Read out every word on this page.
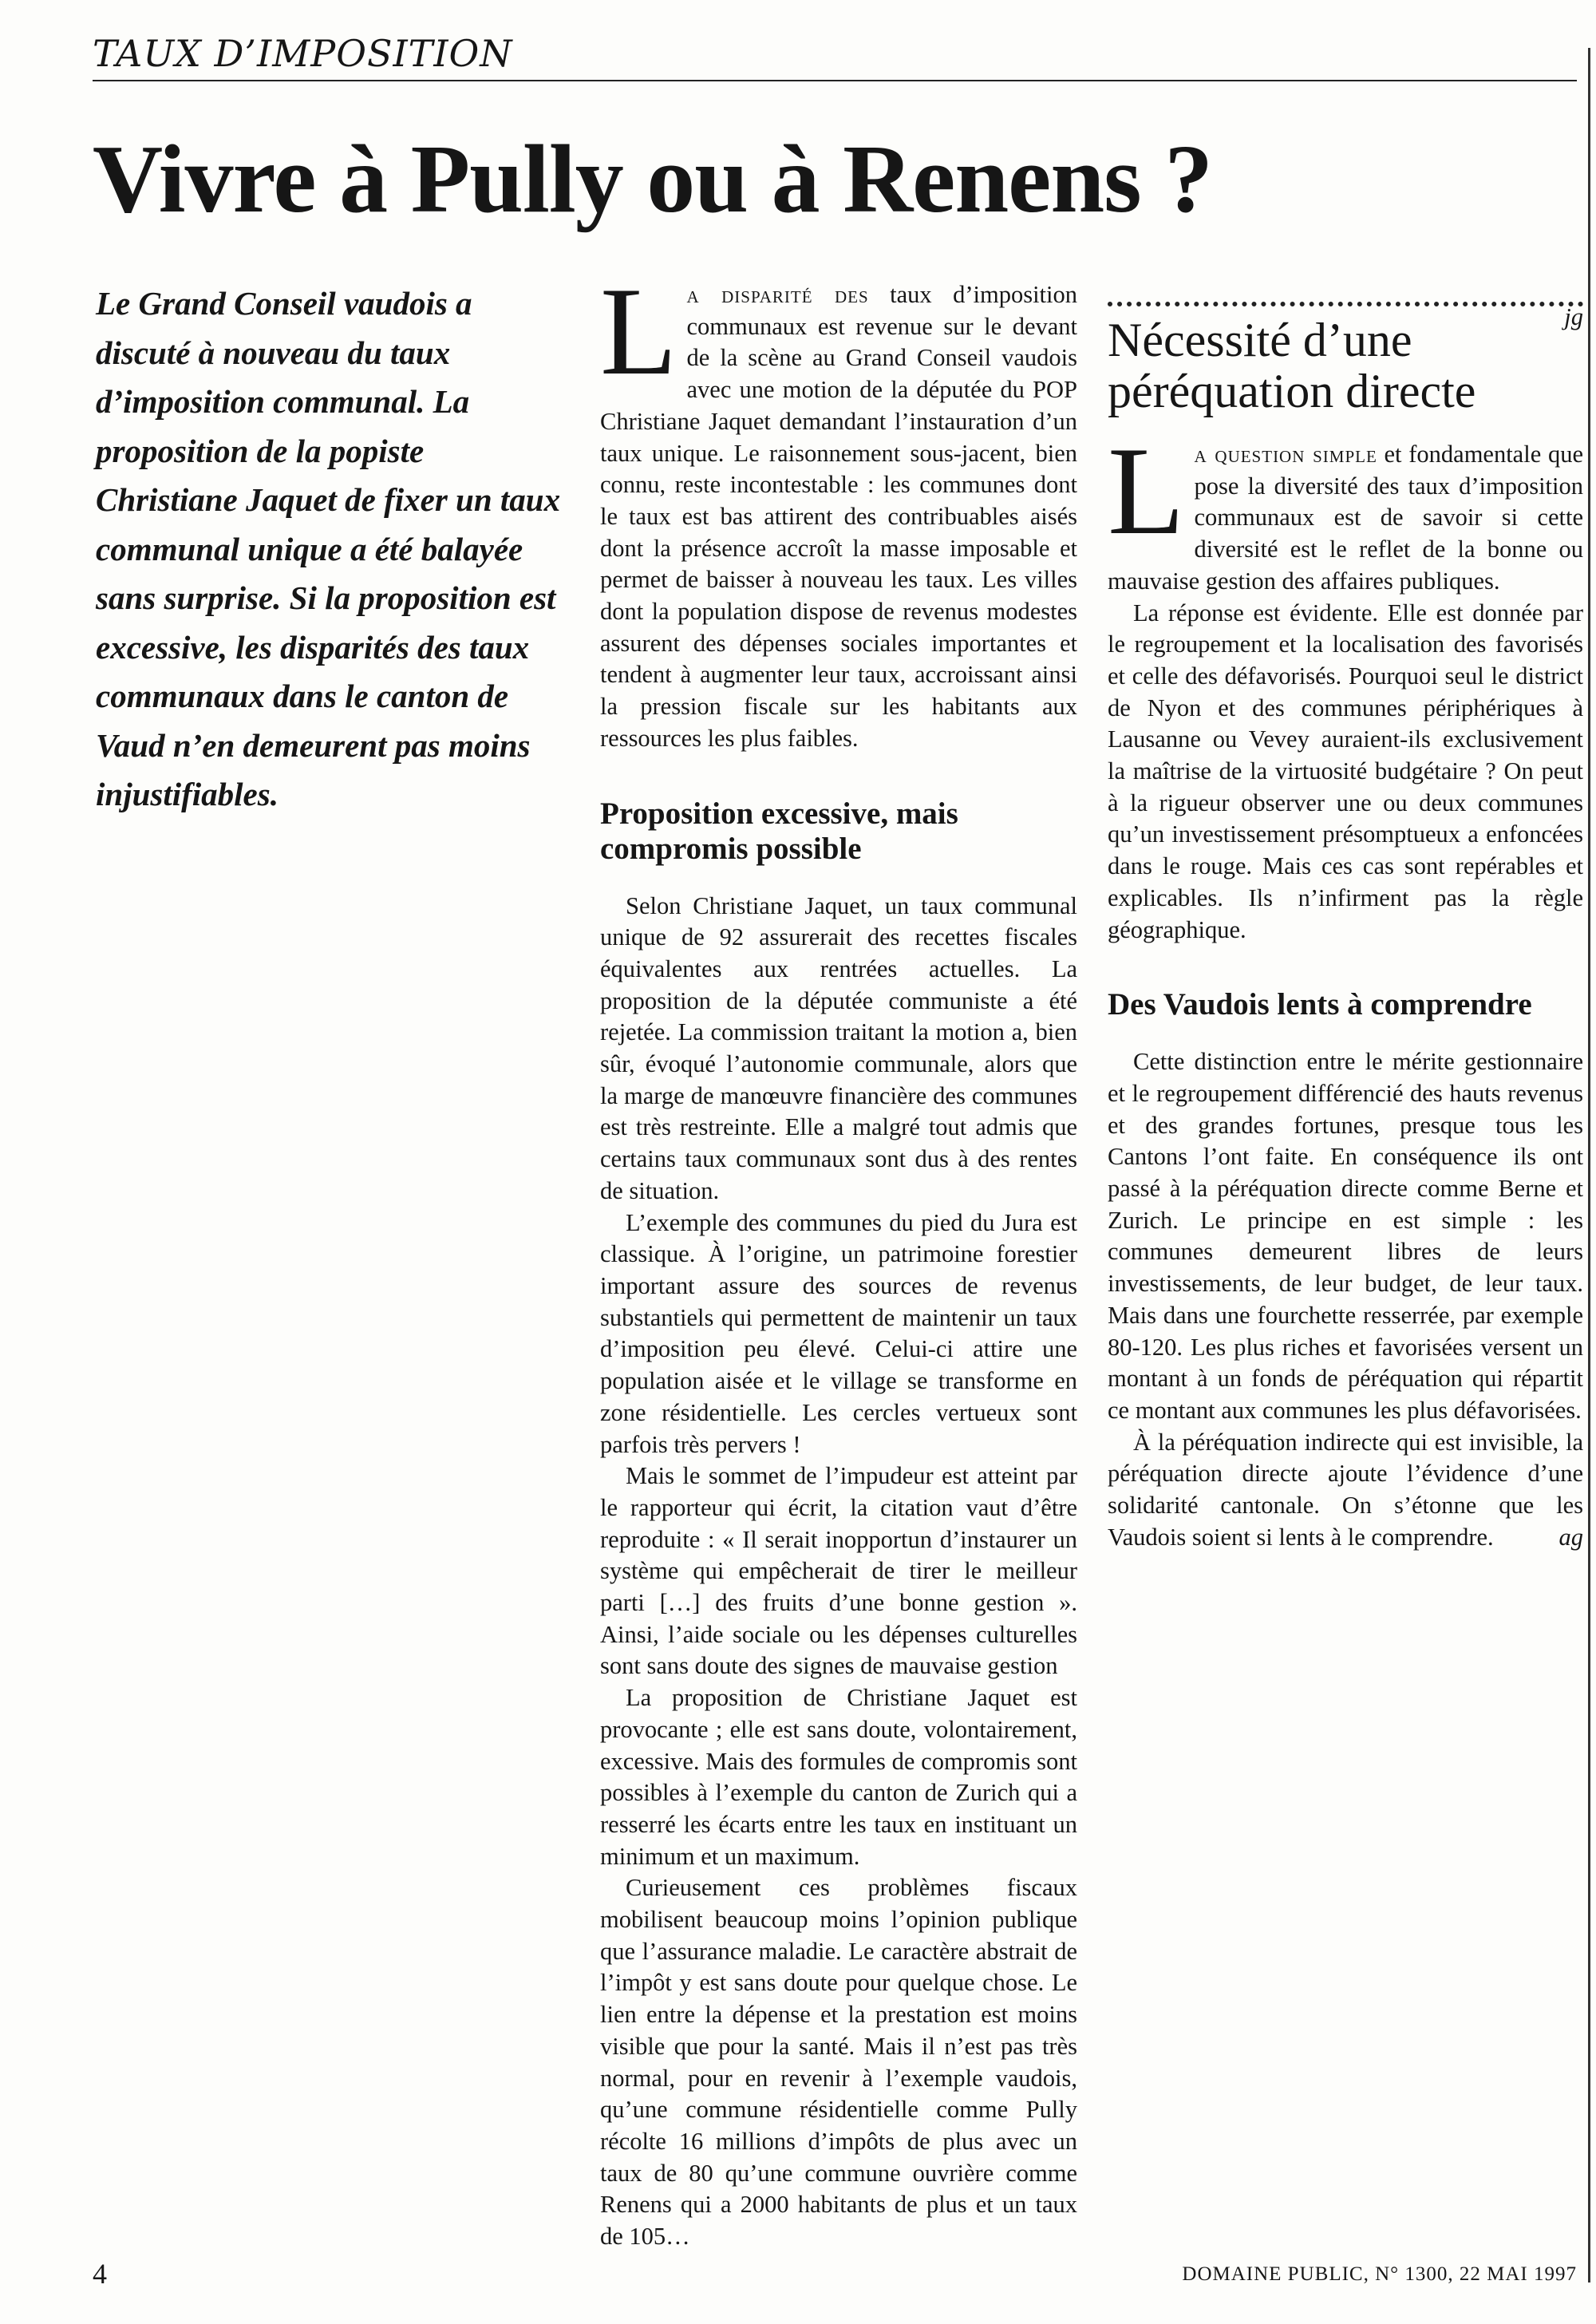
TAUX D’IMPOSITION
Vivre à Pully ou à Renens ?
Le Grand Conseil vaudois a discuté à nouveau du taux d’imposition communal. La proposition de la popiste Christiane Jaquet de fixer un taux communal unique a été balayée sans surprise. Si la proposition est excessive, les disparités des taux communaux dans le canton de Vaud n’en demeurent pas moins injustifiables.

La disparité des taux d’imposition communaux est revenue sur le devant de la scène au Grand Conseil vaudois avec une motion de la députée du POP Christiane Jaquet demandant l’instauration d’un taux unique. Le raisonnement sous-jacent, bien connu, reste incontestable : les communes dont le taux est bas attirent des contribuables aisés dont la présence accroît la masse imposable et permet de baisser à nouveau les taux. Les villes dont la population dispose de revenus modestes assurent des dépenses sociales importantes et tendent à augmenter leur taux, accroissant ainsi la pression fiscale sur les habitants aux ressources les plus faibles.

Proposition excessive, mais compromis possible

Selon Christiane Jaquet, un taux communal unique de 92 assurerait des recettes fiscales équivalentes aux rentrées actuelles. La proposition de la députée communiste a été rejetée. La commission traitant la motion a, bien sûr, évoqué l’autonomie communale, alors que la marge de manœuvre financière des communes est très restreinte. Elle a malgré tout admis que certains taux communaux sont dus à des rentes de situation.

L’exemple des communes du pied du Jura est classique. À l’origine, un patrimoine forestier important assure des sources de revenus substantiels qui permettent de maintenir un taux d’imposition peu élevé. Celui-ci attire une population aisée et le village se transforme en zone résidentielle. Les cercles vertueux sont parfois très pervers !

Mais le sommet de l’impudeur est atteint par le rapporteur qui écrit, la citation vaut d’être reproduite : « Il serait inopportun d’instaurer un système qui empêcherait de tirer le meilleur parti […] des fruits d’une bonne gestion ». Ainsi, l’aide sociale ou les dépenses culturelles sont sans doute des signes de mauvaise gestion

La proposition de Christiane Jaquet est provocante ; elle est sans doute, volontairement, excessive. Mais des formules de compromis sont possibles à l’exemple du canton de Zurich qui a resserré les écarts entre les taux en instituant un minimum et un maximum.

Curieusement ces problèmes fiscaux mobilisent beaucoup moins l’opinion publique que l’assurance maladie. Le caractère abstrait de l’impôt y est sans doute pour quelque chose. Le lien entre la dépense et la prestation est moins visible que pour la santé. Mais il n’est pas très normal, pour en revenir à l’exemple vaudois, qu’une commune résidentielle comme Pully récolte 16 millions d’impôts de plus avec un taux de 80 qu’une commune ouvrière comme Renens qui a 2000 habitants de plus et un taux de 105…

jg

Nécessité d’une péréquation directe

La question simple et fondamentale que pose la diversité des taux d’imposition communaux est de savoir si cette diversité est le reflet de la bonne ou mauvaise gestion des affaires publiques.

La réponse est évidente. Elle est donnée par le regroupement et la localisation des favorisés et celle des défavorisés. Pourquoi seul le district de Nyon et des communes périphériques à Lausanne ou Vevey auraient-ils exclusivement la maîtrise de la virtuosité budgétaire ? On peut à la rigueur observer une ou deux communes qu’un investissement présomptueux a enfoncées dans le rouge. Mais ces cas sont repérables et explicables. Ils n’infirment pas la règle géographique.

Des Vaudois lents à comprendre

Cette distinction entre le mérite gestionnaire et le regroupement différencié des hauts revenus et des grandes fortunes, presque tous les Cantons l’ont faite. En conséquence ils ont passé à la péréquation directe comme Berne et Zurich. Le principe en est simple : les communes demeurent libres de leurs investissements, de leur budget, de leur taux. Mais dans une fourchette resserrée, par exemple 80-120. Les plus riches et favorisées versent un montant à un fonds de péréquation qui répartit ce montant aux communes les plus défavorisées.

À la péréquation indirecte qui est invisible, la péréquation directe ajoute l’évidence d’une solidarité cantonale. On s’étonne que les Vaudois soient si lents à le comprendre.	ag

4	DOMAINE PUBLIC, N° 1300, 22 MAI 1997
